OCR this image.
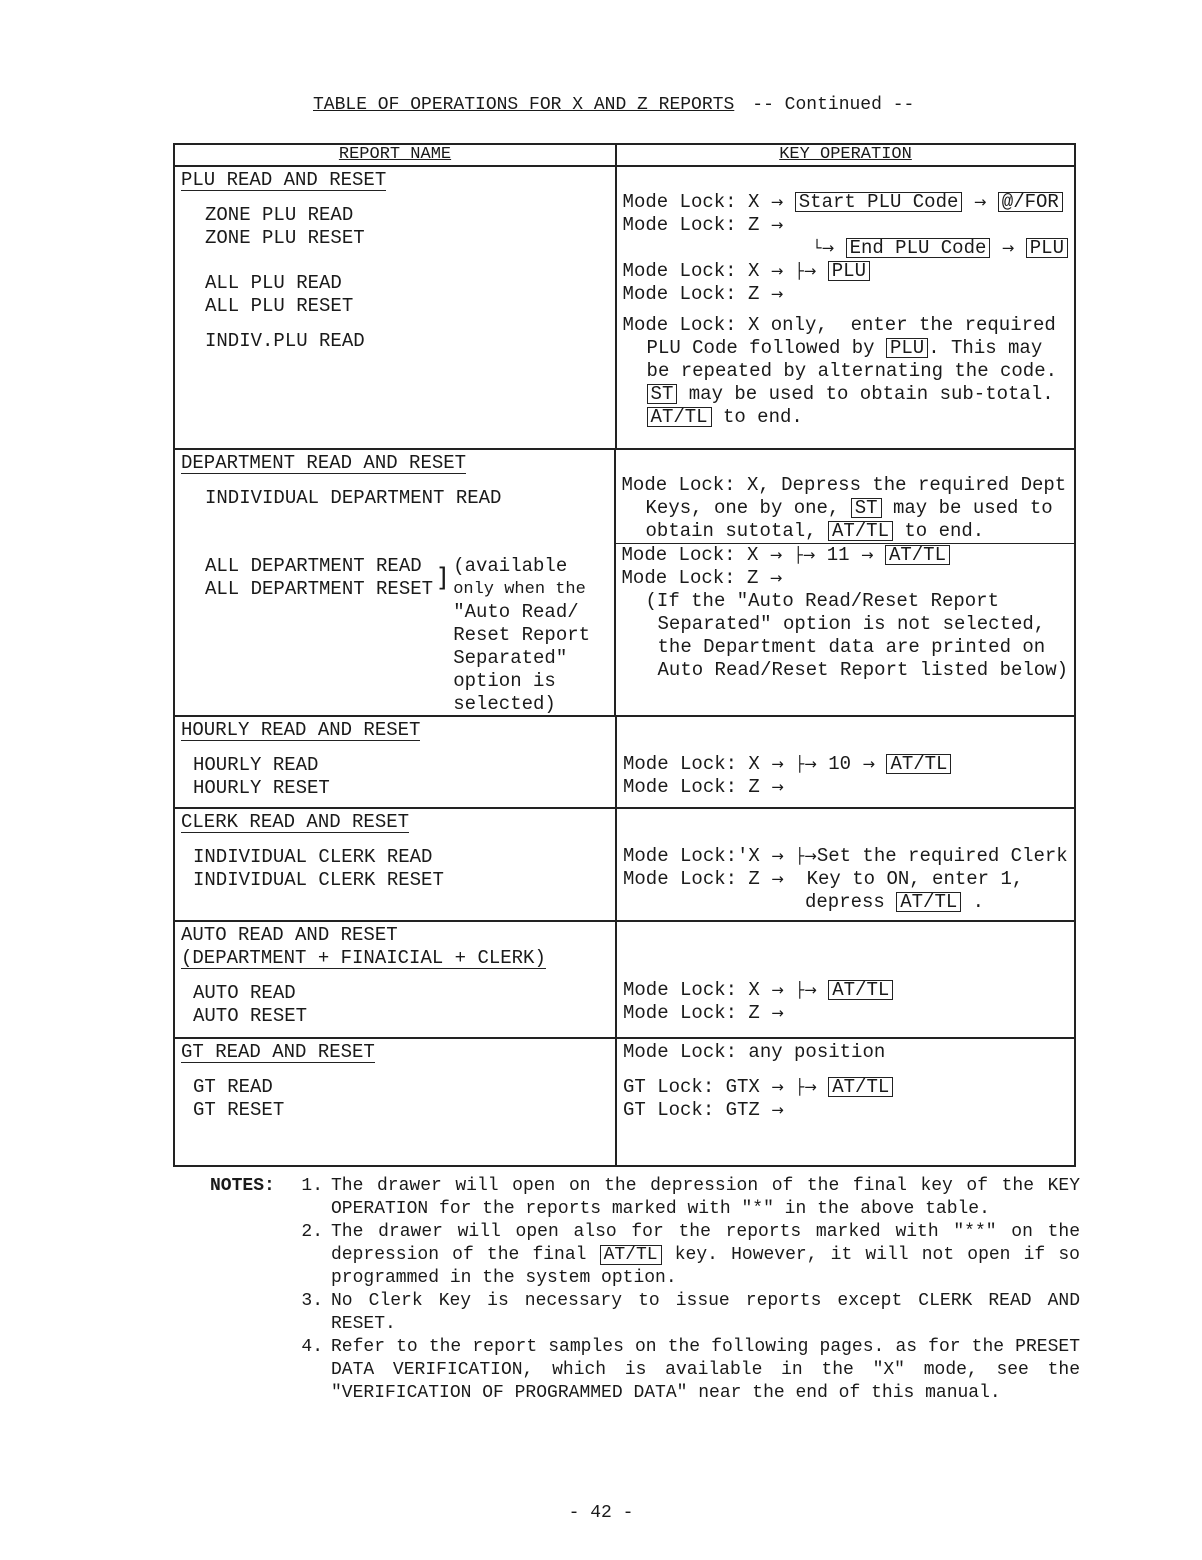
TABLE OF OPERATIONS FOR X AND Z REPORTS -- Continued --
REPORT NAME	KEY OPERATION
PLU READ AND RESET
ZONE PLU READ
ZONE PLU RESET
ALL PLU READ
ALL PLU RESET
INDIV.PLU READ
Mode Lock: X → Start PLU Code → @/FOR
Mode Lock: Z →
└→ End PLU Code → PLU
Mode Lock: X → ├→ PLU
Mode Lock: Z →
Mode Lock: X only,  enter the required
PLU Code followed by PLU . This may
be repeated by alternating the code.
ST may be used to obtain sub-total.
AT/TL to end.
DEPARTMENT READ AND RESET
INDIVIDUAL DEPARTMENT READ
ALL DEPARTMENT READ
ALL DEPARTMENT RESET ] (available
only when the
"Auto Read/
Reset Report
Separated"
option is
selected)
Mode Lock: X, Depress the required Dept
Keys, one by one, ST may be used to
obtain sutotal, AT/TL to end.
Mode Lock: X → ├→ 11 → AT/TL
Mode Lock: Z →
(If the "Auto Read/Reset Report
Separated" option is not selected,
the Department data are printed on
Auto Read/Reset Report listed below)
HOURLY READ AND RESET
HOURLY READ
HOURLY RESET
Mode Lock: X → ├→ 10 → AT/TL
Mode Lock: Z →
CLERK READ AND RESET
INDIVIDUAL CLERK READ
INDIVIDUAL CLERK RESET
Mode Lock:'X → ├→Set the required Clerk
Mode Lock: Z → Key to ON, enter 1,
depress AT/TL .
AUTO READ AND RESET
(DEPARTMENT + FINAICIAL + CLERK)
AUTO READ
AUTO RESET
Mode Lock: X → ├→ AT/TL
Mode Lock: Z →
GT READ AND RESET
GT READ
GT RESET
Mode Lock: any position
GT Lock: GTX → ├→ AT/TL
GT Lock: GTZ →
NOTES:	1. The drawer will open on the depression of the final key of the KEY OPERATION for the reports marked with "*" in the above table.
2. The drawer will open also for the reports marked with "**" on the depression of the final AT/TL key. However, it will not open if so programmed in the system option.
3. No Clerk Key is necessary to issue reports except CLERK READ AND RESET.
4. Refer to the report samples on the following pages. as for the PRESET DATA VERIFICATION, which is available in the "X" mode, see the "VERIFICATION OF PROGRAMMED DATA" near the end of this manual.
- 42 -
